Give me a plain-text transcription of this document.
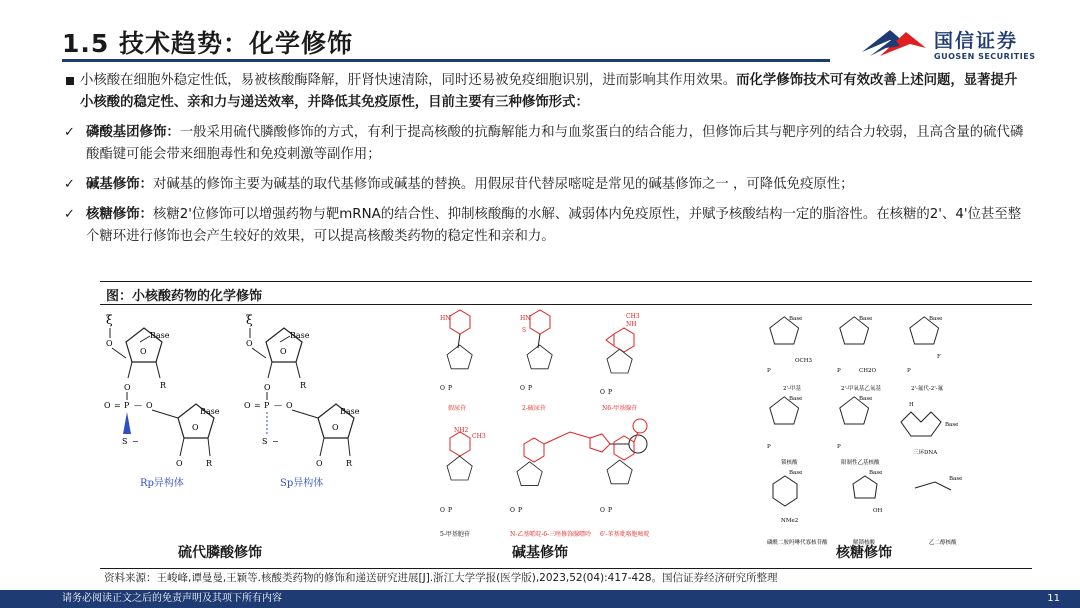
1.5 技术趋势：化学修饰	国信证券
GUOSEN SECURITIES
小核酸在细胞外稳定性低，易被核酸酶降解，肝肾快速清除，同时还易被免疫细胞识别，进而影响其作用效果。而化学修饰技术可有效改善上述问题，显著提升小核酸的稳定性、亲和力与递送效率，并降低其免疫原性，目前主要有三种修饰形式：
✓ 磷酸基团修饰：一般采用硫代膦酸修饰的方式，有利于提高核酸的抗酶解能力和与血浆蛋白的结合能力，但修饰后其与靶序列的结合力较弱，且高含量的硫代磷酸酯键可能会带来细胞毒性和免疫刺激等副作用；
✓ 碱基修饰：对碱基的修饰主要为碱基的取代基修饰或碱基的替换。用假尿苷代替尿嘧啶是常见的碱基修饰之一 ，可降低免疫原性；
✓ 核糖修饰：核糖2'位修饰可以增强药物与靶mRNA的结合性、抑制核酸酶的水解、减弱体内免疫原性，并赋予核酸结构一定的脂溶性。在核糖的2'、4'位甚至整个糖环进行修饰也会产生较好的效果，可以提高核酸类药物的稳定性和亲和力。
图：小核酸药物的化学修饰
ξ
O
Base
O
R
O
O = P — O
S −
Base
O
O	R
Rp异构体
ξ
O
Base
O
R
O
O = P — O
S −
Base
O
O	R
Sp异构体
HN
O P
假尿苷
HN
S
O P
2-硫尿苷
CH3
NH
O P
N6-甲基腺苷
NH2
CH3
O P
5-甲基胞苷
O P
N-乙基哌啶-6-三唑修饰腺嘌呤
O P
6'-苯基吡咯胞嘧啶
Base
OCH3
P
2'-甲基
Base
CH2O
P
2'-甲氧基乙氧基
Base
F
P
2'-氟代-2'-氟
Base
P
锁核酸
Base
P
限制性乙基核酸
H
Base
三环DNA
Base
NMe2
磷酰二胺吗啉代寡核苷酸
Base
OH
解锁核酸
Base
乙二醇核酸
硫代膦酸修饰	碱基修饰	核糖修饰
资料来源：王峻峰,谭曼曼,王颖等.核酸类药物的修饰和递送研究进展[J].浙江大学学报(医学版),2023,52(04):417-428。国信证券经济研究所整理
请务必阅读正文之后的免责声明及其项下所有内容	11
